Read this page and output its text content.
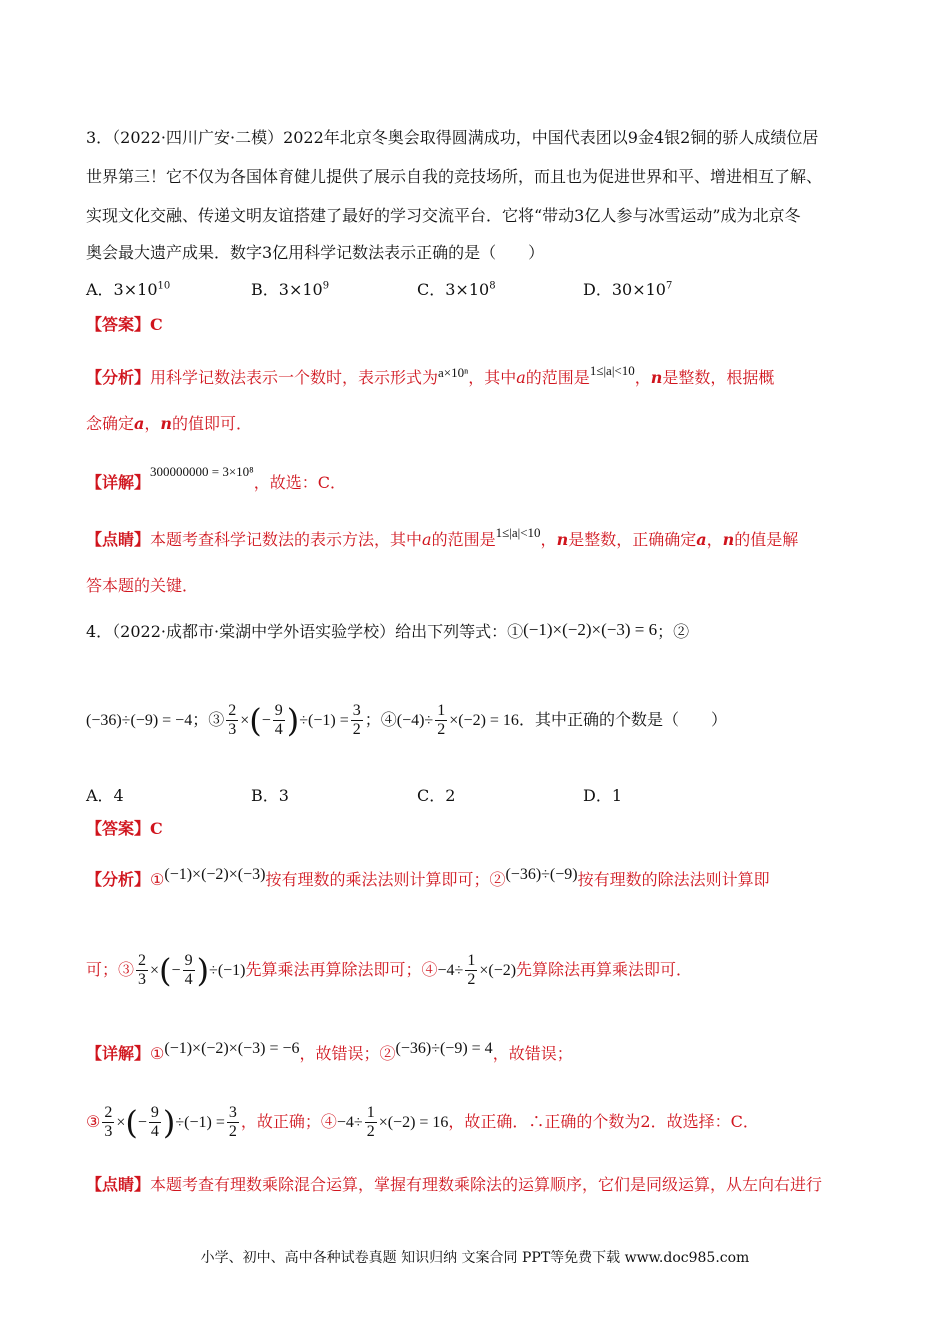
3．（2022·四川广安·二模）2022年北京冬奥会取得圆满成功，中国代表团以9金4银2铜的骄人成绩位居
世界第三！它不仅为各国体育健儿提供了展示自我的竞技场所，而且也为促进世界和平、增进相互了解、
实现文化交融、传递文明友谊搭建了最好的学习交流平台．它将“带动3亿人参与冰雪运动”成为北京冬
奥会最大遗产成果．数字3亿用科学记数法表示正确的是（　　）
A．$3\times 10^{10}$	B．$3\times 10^9$	C．$3\times 10^8$	D．$30\times 10^7$
【答案】C
【分析】用科学记数法表示一个数时，表示形式为$^{a\times 10^n}$，其中a的范围是$^{1\le|a|<10}$，n是整数，根据概
念确定a，n的值即可．
【详解】$^{300000000 = 3\times 10^8}$，故选：C．
【点睛】本题考查科学记数法的表示方法，其中a的范围是$^{1\le|a|<10}$，n是整数，正确确定a，n的值是解
答本题的关键．
4．（2022·成都市·棠湖中学外语实验学校）给出下列等式：①(−1)×(−2)×(−3) = 6；②
(−36)÷(−9) = −4；③ $\frac{2}{3}$ ×(− $\frac{9}{4} )\div(-1) = \frac{3}{2}$ ；④(−4)÷ $\frac{1}{2} \times(-2) = 16$．其中正确的个数是（　　）
A．4	B．3	C．2	D．1
【答案】C
【分析】①(−1)×(−2)×(−3)按有理数的乘法法则计算即可；②(−36)÷(−9)按有理数的除法法则计算即
可；③ $\frac{2}{3}$ ×(− $\frac{9}{4} )\div(-1)$先算乘法再算除法即可；④−4÷ $\frac{1}{2} \times(-2)$先算除法再算乘法即可．
【详解】①(−1)×(−2)×(−3) = −6，故错误；②(−36)÷(−9) = 4，故错误；
③ $\frac{2}{3}$ ×(− $\frac{9}{4} )\div(-1) = \frac{3}{2}$ ，故正确；④−4÷ $\frac{1}{2} \times(-2) = 16$，故正确．∴正确的个数为2．故选择：C．
【点睛】本题考查有理数乘除混合运算，掌握有理数乘除法的运算顺序，它们是同级运算，从左向右进行
小学、初中、高中各种试卷真题 知识归纳 文案合同 PPT等免费下载 www.doc985.com
